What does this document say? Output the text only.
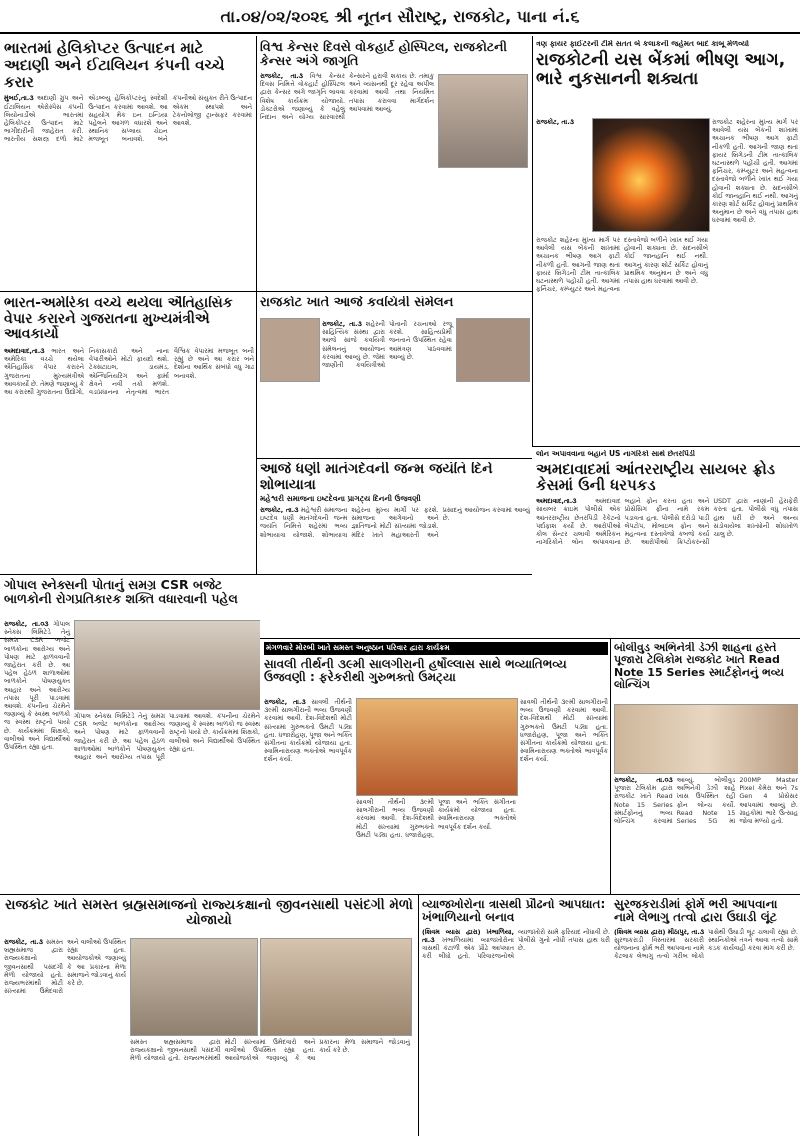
તા.૦૪/૦૨/૨૦૨૬ શ્રી નૂતન સૌરાષ્ટ્ર, રાજકોટ, પાના નં.૬
ભારતમાં હેલિકોપ્ટર ઉત્પાદન માટે અદાણી અને ઈટાલિયન કંપની વચ્ચે કરાર
મુંબઈ,તા.૩ અદાણી ગ્રુપ અને ઈટાલિયન એરોસ્પેસ કંપની લિયોનાર્ડોએ ભારતમાં હેલિકોપ્ટર ઉત્પાદન માટે ભાગીદારીની જાહેરાત કરી. ભારતીય સશસ્ત્ર દળો માટે એડબ્લ્યુ હેલિકોપ્ટરનું સ્વદેશી ઉત્પાદન કરવામાં આવશે. આ સહયોગ મેક ઇન ઇન્ડિયા પહેલને આગળ વધારશે અને સ્થાનિક સપ્લાય ચેઇન મજબૂત બનાવશે. બંને કંપનીઓ સંયુક્ત રીતે ઉત્પાદન એકમ સ્થાપશે અને ટેકનોલોજી ટ્રાન્સફર કરવામાં આવશે.
વિશ્વ કેન્સર દિવસે વોકહાર્ટ હોસ્પિટલ, રાજકોટની કેન્સર અંગે જાગૃતિ
રાજકોટ, તા.૩ વિશ્વ કેન્સર દિવસ નિમિત્તે વોકહાર્ટ હોસ્પિટલ દ્વારા કેન્સર અંગે જાગૃતિ લાવવા વિશેષ કાર્યક્રમ યોજાયો. ડોક્ટરોએ જણાવ્યું કે વહેલું નિદાન અને યોગ્ય સારવારથી કેન્સરને હરાવી શકાય છે. તમાકુ અને વ્યસનથી દૂર રહેવા અપીલ કરવામાં આવી તથા નિયમિત તપાસ કરાવવા માર્ગદર્શન આપવામાં આવ્યું.
ત્રણ ફાયર ફાઈટરની ટીમે સતત બે કલાકની જહેમત બાદ કાબૂ મેળવ્યો
રાજકોટની યસ બેંકમાં ભીષણ આગ, ભારે નુકસાનની શક્યતા
રાજકોટ, તા.૩	રાજકોટ શહેરના મુખ્ય માર્ગ પર આવેલી યસ બેંકની શાખામાં અચાનક ભીષણ આગ ફાટી નીકળી હતી. આગની જાણ થતાં ફાયર બ્રિગેડની ટીમ તાત્કાલિક ઘટનાસ્થળે પહોંચી હતી. આગમાં ફર્નિચર, કમ્પ્યુટર અને મહત્વના દસ્તાવેજો બળીને ખાખ થઈ ગયા હોવાની શક્યતા છે. સદનસીબે કોઈ જાનહાનિ થઈ નથી. આગનું કારણ શોર્ટ સર્કિટ હોવાનું પ્રાથમિક અનુમાન છે અને વધુ તપાસ હાથ ધરવામાં આવી છે.
રાજકોટ શહેરના મુખ્ય માર્ગ પર આવેલી યસ બેંકની શાખામાં અચાનક ભીષણ આગ ફાટી નીકળી હતી. આગની જાણ થતાં ફાયર બ્રિગેડની ટીમ તાત્કાલિક ઘટનાસ્થળે પહોંચી હતી. આગમાં ફર્નિચર, કમ્પ્યુટર અને મહત્વના દસ્તાવેજો બળીને ખાખ થઈ ગયા હોવાની શક્યતા છે. સદનસીબે કોઈ જાનહાનિ થઈ નથી. આગનું કારણ શોર્ટ સર્કિટ હોવાનું પ્રાથમિક અનુમાન છે અને વધુ તપાસ હાથ ધરવામાં આવી છે.
ભારત-અમેરિકા વચ્ચે થયેલા ઐતિહાસિક વેપાર કરારને ગુજરાતના મુખ્યમંત્રીએ આવકાર્યો
અમદાવાદ,તા.૩ ભારત અને અમેરિકા વચ્ચે થયેલા ઐતિહાસિક વેપાર કરારને ગુજરાતના મુખ્યમંત્રીએ આવકાર્યો છે. તેમણે જણાવ્યું કે આ કરારથી ગુજરાતના ઉદ્યોગો, નિકાસકારો અને નાના વેપારીઓને મોટો ફાયદો થશે. ટેક્સટાઇલ, ડાયમંડ, એન્જિનિયરિંગ અને ફાર્મા ક્ષેત્રને નવી તકો મળશે. વડાપ્રધાનના નેતૃત્વમાં ભારત વૈશ્વિક વેપારમાં મજબૂત બની રહ્યું છે અને આ કરાર બંને દેશોના આર્થિક સંબંધો વધુ ગાઢ બનાવશે.
રાજકોટ ખાતે આજે કવયિત્રી સંમેલન
રાજકોટ, તા.૩ શહેરની સાહિત્યિક સંસ્થા દ્વારા આજે સાંજે કવયિત્રી સંમેલનનું આયોજન કરવામાં આવ્યું છે. જેમાં જાણીતી કવયિત્રીઓ પોતાની રચનાઓ રજૂ કરશે. સાહિત્યપ્રેમી જનતાને ઉપસ્થિત રહેવા આમંત્રણ પાઠવવામાં આવ્યું છે.
આજે ધણી માતંગદેવની જન્મ જયંતિ દિને શોભાયાત્રા
મહેશ્વરી સમાજના ઇષ્ટદેવના પ્રાગટ્ય દિનની ઉજવણી
રાજકોટ, તા.૩ મહેશ્વરી સમાજના ઇષ્ટદેવ ધણી માતંગદેવની જન્મ જયંતિ નિમિત્તે શહેરમાં ભવ્ય શોભાયાત્રા યોજાશે. શોભાયાત્રા શહેરના મુખ્ય માર્ગો પર ફરશે. સમાજના આગેવાનો અને જ્ઞાતિજનો મોટી સંખ્યામાં જોડાશે. મંદિર ખાતે મહાઆરતી અને પ્રસાદનું આયોજન કરવામાં આવ્યું છે.
લોન અપાવવાના બહાને US નાગરિકો સાથે છેતરપિંડી
અમદાવાદમાં આંતરરાષ્ટ્રીય સાયબર ફ્રોડ કેસમાં ઉની ધરપકડ
અમદાવાદ,તા.૩	અમદાવાદ સાયબર ક્રાઇમ પોલીસે એક આંતરરાષ્ટ્રીય છેતરપિંડી રેકેટનો પર્દાફાશ કર્યો છે. આરોપીઓ કોલ સેન્ટર ચલાવી અમેરિકન નાગરિકોને લોન અપાવવાના બહાને ફોન કરતા હતા અને પ્રોસેસિંગ ફીના નામે રકમ પડાવતા હતા. પોલીસે દરોડો પાડી લેપટોપ, મોબાઇલ ફોન અને મહત્વના દસ્તાવેજો કબજે કર્યા છે. આરોપીઓ ક્રિપ્ટોકરન્સી USDT દ્વારા નાણાંની હેરાફેરી કરતા હતા. પોલીસે વધુ તપાસ હાથ ધરી છે અને અન્ય સંડોવાયેલા શખ્સોની શોધખોળ ચાલુ છે.
ગોપાલ સ્નેક્સની પોતાનું સમગ્ર CSR બજેટ બાળકોની રોગપ્રતિકારક શક્તિ વધારવાની પહેલ
રાજકોટ, તા.૦૩ ગોપાલ સ્નેક્સ લિમિટેડે તેનું સમગ્ર CSR બજેટ બાળકોના આરોગ્ય અને પોષણ માટે ફાળવવાની જાહેરાત કરી છે. આ પહેલ હેઠળ શાળાઓમાં બાળકોને પોષણયુક્ત આહાર અને આરોગ્ય તપાસ પૂરી પાડવામાં આવશે. કંપનીના ચેરમેને જણાવ્યું કે સ્વસ્થ બાળકો જ સ્વસ્થ રાષ્ટ્રનો પાયો છે. કાર્યક્રમમાં શિક્ષકો, વાલીઓ અને વિદ્યાર્થીઓ ઉપસ્થિત રહ્યા હતા.
ગોપાલ સ્નેક્સ લિમિટેડે તેનું સમગ્ર CSR બજેટ બાળકોના આરોગ્ય અને પોષણ માટે ફાળવવાની જાહેરાત કરી છે. આ પહેલ હેઠળ શાળાઓમાં બાળકોને પોષણયુક્ત આહાર અને આરોગ્ય તપાસ પૂરી પાડવામાં આવશે. કંપનીના ચેરમેને જણાવ્યું કે સ્વસ્થ બાળકો જ સ્વસ્થ રાષ્ટ્રનો પાયો છે. કાર્યક્રમમાં શિક્ષકો, વાલીઓ અને વિદ્યાર્થીઓ ઉપસ્થિત રહ્યા હતા.
મંગળવારે મોરબી ખાતે સમસ્ત અનુષ્ઠાન પરિવાર દ્વારા કાર્યક્રમ
સાવલી તીર્થની ૩૯મી સાલગીરાની હર્ષોલ્લાસ સાથે ભવ્યાતિભવ્ય ઉજવણી : ફરેકરીથી ગુરુભક્તો ઉમટ્યા
રાજકોટ, તા.૩ સાવલી તીર્થની ૩૯મી સાલગીરાની ભવ્ય ઉજવણી કરવામાં આવી. દેશ-વિદેશથી મોટી સંખ્યામાં ગુરુભક્તો ઉમટી પડ્યા હતા. ધજારોહણ, પૂજા અને ભક્તિ સંગીતના કાર્યક્રમો યોજાયા હતા. સ્વામિનારાયણ ભક્તોએ ભાવપૂર્વક દર્શન કર્યા.
સાવલી તીર્થની ૩૯મી સાલગીરાની ભવ્ય ઉજવણી કરવામાં આવી. દેશ-વિદેશથી મોટી સંખ્યામાં ગુરુભક્તો ઉમટી પડ્યા હતા. ધજારોહણ, પૂજા અને ભક્તિ સંગીતના કાર્યક્રમો યોજાયા હતા. સ્વામિનારાયણ ભક્તોએ ભાવપૂર્વક દર્શન કર્યા.
સાવલી તીર્થની ૩૯મી સાલગીરાની ભવ્ય ઉજવણી કરવામાં આવી. દેશ-વિદેશથી મોટી સંખ્યામાં ગુરુભક્તો ઉમટી પડ્યા હતા. ધજારોહણ, પૂજા અને ભક્તિ સંગીતના કાર્યક્રમો યોજાયા હતા. સ્વામિનારાયણ ભક્તોએ ભાવપૂર્વક દર્શન કર્યા.
બોલીવુડ અભિનેત્રી ડેઝી શાહના હસ્તે પૂજારા ટેલિકોમ રાજકોટ ખાતે Read Note 15 Series સ્માર્ટફોનનું ભવ્ય લોન્ચિંગ
રાજકોટ, તા.૦૩ પૂજારા ટેલિકોમ દ્વારા રાજકોટ ખાતે Read Note 15 Series સ્માર્ટફોનનું ભવ્ય લોન્ચિંગ કરવામાં આવ્યું. બોલીવુડ અભિનેત્રી ડેઝી શાહે ખાસ ઉપસ્થિત રહી ફોન લોન્ચ કર્યો. Read Note 15 Series 5G માં 200MP Master Pixel કેમેરા અને 7s Gen 4 પ્રોસેસર આપવામાં આવ્યું છે. ગ્રાહકોમાં ભારે ઉત્સાહ જોવા મળ્યો હતો.
રાજકોટ ખાતે સમસ્ત બ્રહ્મસમાજનો રાજ્યકક્ષાનો જીવનસાથી પસંદગી મેળો યોજાયો
રાજકોટ, તા.૩ સમસ્ત બ્રહ્મસમાજ દ્વારા રાજ્યકક્ષાનો જીવનસાથી પસંદગી મેળો યોજાયો હતો. રાજ્યભરમાંથી મોટી સંખ્યામાં ઉમેદવારો અને વાલીઓ ઉપસ્થિત રહ્યા હતા. આયોજકોએ જણાવ્યું કે આ પ્રકારના મેળા સમાજને જોડવાનું કાર્ય કરે છે.
સમસ્ત બ્રહ્મસમાજ દ્વારા રાજ્યકક્ષાનો જીવનસાથી પસંદગી મેળો યોજાયો હતો. રાજ્યભરમાંથી મોટી સંખ્યામાં ઉમેદવારો અને વાલીઓ ઉપસ્થિત રહ્યા હતા. આયોજકોએ જણાવ્યું કે આ પ્રકારના મેળા સમાજને જોડવાનું કાર્ય કરે છે.
વ્યાજખોરોના ત્રાસથી પ્રૌઢનો આપઘાત: ખંભાળિયાનો બનાવ
(શિવમ વ્યાસ દ્વારા) ખંભાળિયા, તા.૩ ખંભાળિયામાં વ્યાજખોરોના ત્રાસથી કંટાળી એક પ્રૌઢે આપઘાત કરી લીધો હતો. પરિવારજનોએ વ્યાજખોરો સામે ફરિયાદ નોંધાવી છે. પોલીસે ગુનો નોંધી તપાસ હાથ ધરી છે.
સુરજકરાડીમાં ફોર્મ ભરી આપવાના નામે લેભાગુ તત્વો દ્વારા ઉઘાડી લૂંટ
(શિવમ વ્યાસ દ્વારા) મીઠાપુર, તા.૩ સુરજકરાડી વિસ્તારમાં સરકારી યોજનાના ફોર્મ ભરી આપવાના નામે કેટલાક લેભાગુ તત્વો ગરીબ લોકો પાસેથી ઉઘાડી લૂંટ ચલાવી રહ્યા છે. સ્થાનિકોએ તંત્રને આવા તત્વો સામે કડક કાર્યવાહી કરવા માંગ કરી છે.
